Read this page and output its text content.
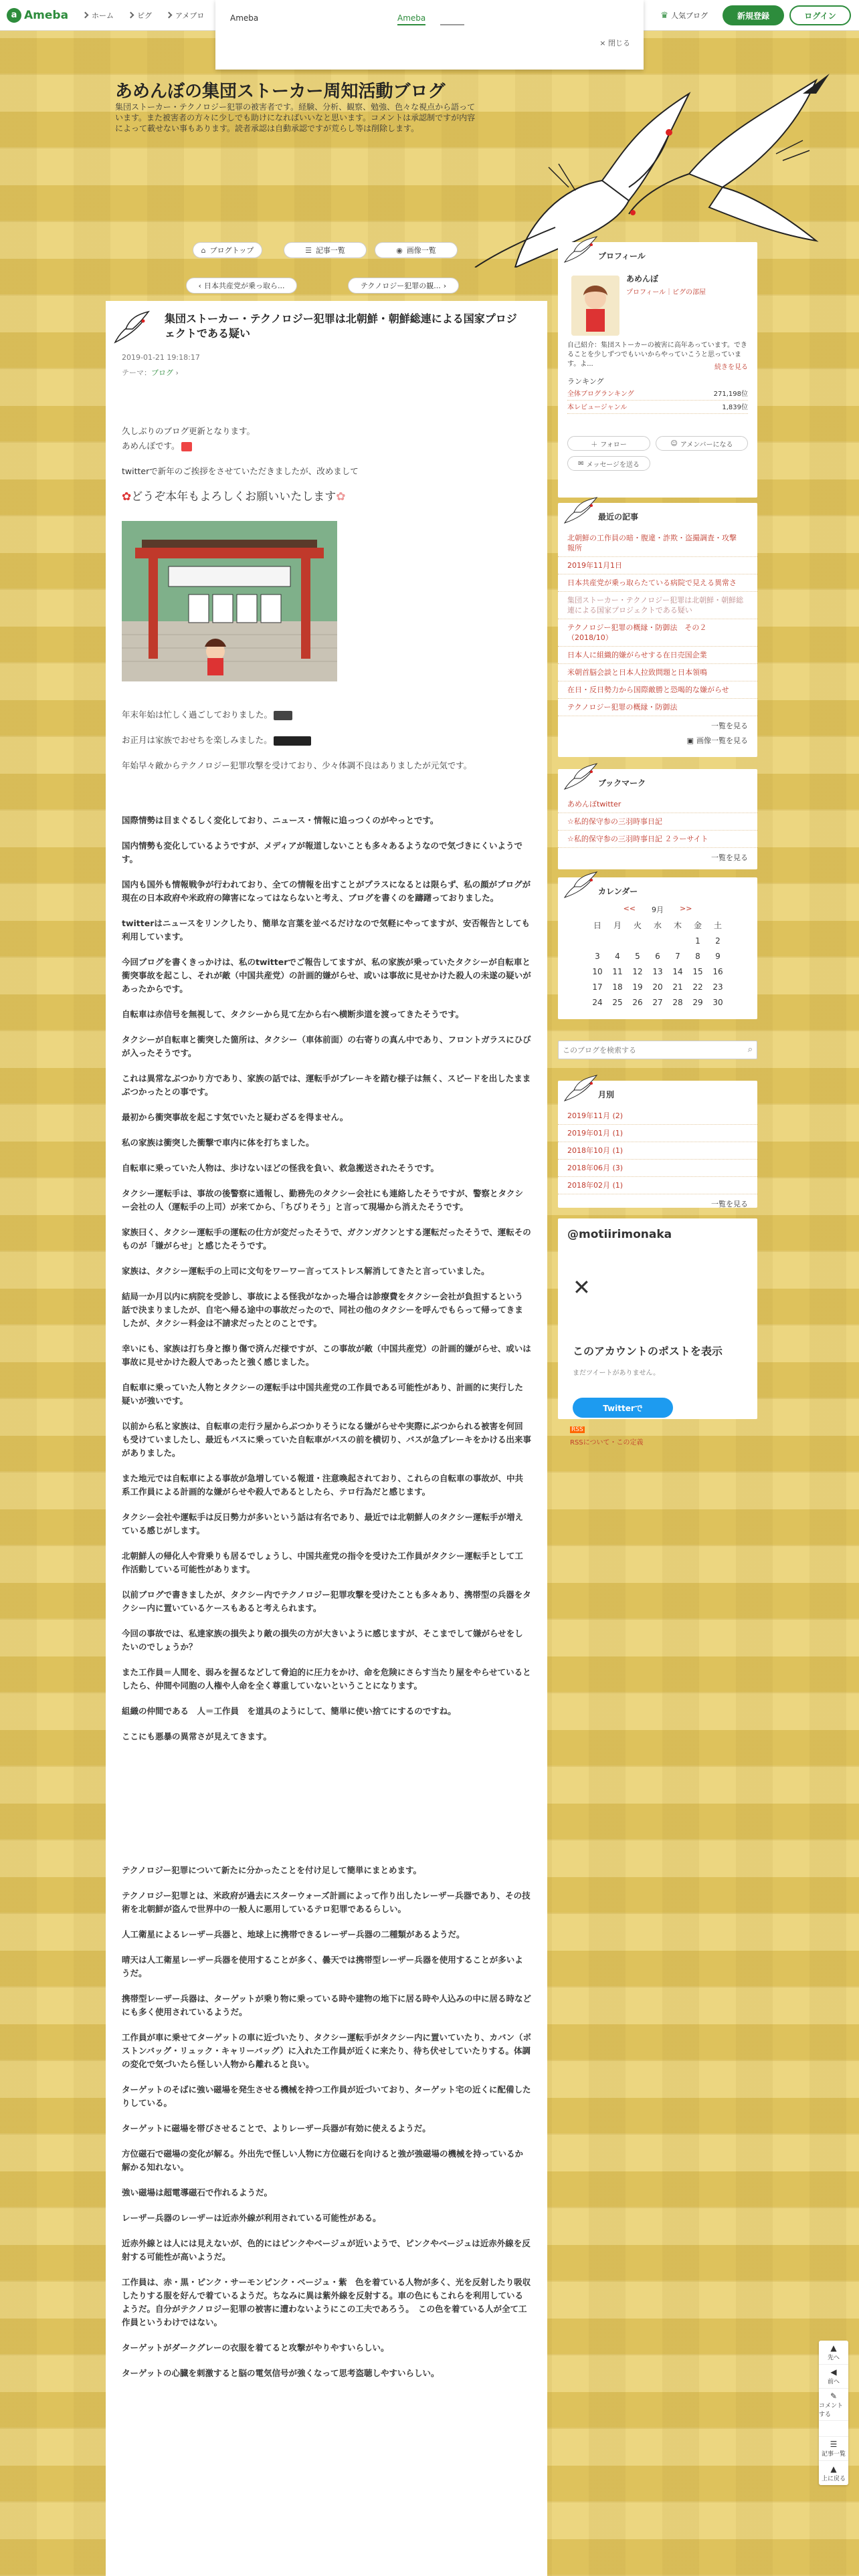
a Ameba	ホーム	ピグ	アメブロ	♛ 人気ブログ	新規登録	ログイン
Ameba	Ameba
× 閉じる
あめんぼの集団ストーカー周知活動ブログ
集団ストーカー・テクノロジー犯罪の被害者です。経験、分析、観察、勉強、色々な視点から語っています。また被害者の方々に少しでも助けになればいいなと思います。コメントは承認制ですが内容によって載せない事もあります。読者承認は自動承認ですが荒らし等は削除します。
⌂ ブログトップ	☰ 記事一覧	◉ 画像一覧
‹ 日本共産党が乗っ取ら...	テクノロジー犯罪の観... ›
集団ストーカー・テクノロジー犯罪は北朝鮮・朝鮮総連による国家プロジェクトである疑い
2019-01-21 19:18:17
テーマ：ブログ ›

久しぶりのブログ更新となります。

あめんぼです。

twitterで新年のご挨拶をさせていただきましたが、改めまして

✿どうぞ本年もよろしくお願いいたします✿

年末年始は忙しく過ごしておりました。

お正月は家族でおせちを楽しみました。

年始早々敵からテクノロジー犯罪攻撃を受けており、少々体調不良はありましたが元気です。

国際情勢は目まぐるしく変化しており、ニュース・情報に追っつくのがやっとです。

国内情勢も変化しているようですが、メディアが報道しないことも多々あるようなので気づきにくいようです。

国内も国外も情報戦争が行われており、全ての情報を出すことがプラスになるとは限らず、私の顔がブログが現在の日本政府や米政府の障害になってはならないと考え、ブログを書くのを躊躇っておりました。

twitterはニュースをリンクしたり、簡単な言葉を並べるだけなので気軽にやってますが、安否報告としても利用しています。

今回ブログを書くきっかけは、私のtwitterでご報告してますが、私の家族が乗っていたタクシーが自転車と衝突事故を起こし、それが敵（中国共産党）の計画的嫌がらせ、或いは事故に見せかけた殺人の未遂の疑いがあったからです。

自転車は赤信号を無視して、タクシーから見て左から右へ横断歩道を渡ってきたそうです。

タクシーが自転車と衝突した箇所は、タクシー（車体前面）の右寄りの真ん中であり、フロントガラスにひびが入ったそうです。

これは異常なぶつかり方であり、家族の話では、運転手がブレーキを踏む様子は無く、スピードを出したままぶつかったとの事です。

最初から衝突事故を起こす気でいたと疑わざるを得ません。

私の家族は衝突した衝撃で車内に体を打ちました。

自転車に乗っていた人物は、歩けないほどの怪我を負い、救急搬送されたそうです。

タクシー運転手は、事故の後警察に通報し、勤務先のタクシー会社にも連絡したそうですが、警察とタクシー会社の人（運転手の上司）が来てから、「ちびりそう」と言って現場から消えたそうです。

家族曰く、タクシー運転手の運転の仕方が変だったそうで、ガクンガクンとする運転だったそうで、運転そのものが「嫌がらせ」と感じたそうです。

家族は、タクシー運転手の上司に文句をワーワー言ってストレス解消してきたと言っていました。

結局一か月以内に病院を受診し、事故による怪我がなかった場合は診療費をタクシー会社が負担するという話で決まりましたが、自宅へ帰る途中の事故だったので、同社の他のタクシーを呼んでもらって帰ってきましたが、タクシー料金は不請求だったとのことです。

幸いにも、家族は打ち身と擦り傷で済んだ様ですが、この事故が敵（中国共産党）の計画的嫌がらせ、或いは事故に見せかけた殺人であったと強く感じました。

自転車に乗っていた人物とタクシーの運転手は中国共産党の工作員である可能性があり、計画的に実行した疑いが強いです。

以前から私と家族は、自転車の走行ラ屋からぶつかりそうになる嫌がらせや実際にぶつかられる被害を何回も受けていましたし、最近もバスに乗っていた自転車がバスの前を横切り、バスが急ブレーキをかける出来事がありました。

また地元では自転車による事故が急増している報道・注意喚起されており、これらの自転車の事故が、中共系工作員による計画的な嫌がらせや殺人であるとしたら、テロ行為だと感じます。

タクシー会社や運転手は反日勢力が多いという話は有名であり、最近では北朝鮮人のタクシー運転手が増えている感じがします。

北朝鮮人の帰化人や背乗りも居るでしょうし、中国共産党の指令を受けた工作員がタクシー運転手として工作活動している可能性があります。

以前ブログで書きましたが、タクシー内でテクノロジー犯罪攻撃を受けたことも多々あり、携帯型の兵器をタクシー内に置いているケースもあると考えられます。

今回の事故では、私達家族の損失より敵の損失の方が大きいように感じますが、そこまでして嫌がらせをしたいのでしょうか？

また工作員＝人間を、弱みを握るなどして脅迫的に圧力をかけ、命を危険にさらす当たり屋をやらせているとしたら、仲間や同胞の人権や人命を全く尊重していないということになります。

組織の仲間である　人＝工作員　を道具のようにして、簡単に使い捨てにするのですね。

ここにも悪暴の異常さが見えてきます。

テクノロジー犯罪について新たに分かったことを付け足して簡単にまとめます。

テクノロジー犯罪とは、米政府が過去にスターウォーズ計画によって作り出したレーザー兵器であり、その技術を北朝鮮が盗んで世界中の一般人に悪用しているテロ犯罪であるらしい。

人工衛星によるレーザー兵器と、地球上に携帯できるレーザー兵器の二種類があるようだ。

晴天は人工衛星レーザー兵器を使用することが多く、曇天では携帯型レーザー兵器を使用することが多いようだ。

携帯型レーザー兵器は、ターゲットが乗り物に乗っている時や建物の地下に居る時や人込みの中に居る時などにも多く使用されているようだ。

工作員が車に乗せてターゲットの車に近づいたり、タクシー運転手がタクシー内に置いていたり、カバン（ボストンバッグ・リュック・キャリーバッグ）に入れた工作員が近くに来たり、待ち伏せしていたりする。体調の変化で気づいたら怪しい人物から離れると良い。

ターゲットのそばに強い磁場を発生させる機械を持つ工作員が近づいており、ターゲット宅の近くに配備したりしている。

ターゲットに磁場を帯びさせることで、よりレーザー兵器が有効に使えるようだ。

方位磁石で磁場の変化が解る。外出先で怪しい人物に方位磁石を向けると強が強磁場の機械を持っているか解かる知れない。

強い磁場は超電導磁石で作れるようだ。

レーザー兵器のレーザーは近赤外線が利用されている可能性がある。

近赤外線とは人には見えないが、色的にはピンクやベージュが近いようで、ピンクやベージュは近赤外線を反射する可能性が高いようだ。

工作員は、赤・黒・ピンク・サーモンピンク・ベージュ・紫　色を着ている人物が多く、光を反射したり吸収したりする服を好んで着ているようだ。ちなみに異は紫外線を反射する。車の色にもこれらを利用しているようだ。自分がテクノロジー犯罪の被害に遭わないようにこの工夫であろう。　この色を着ている人が全て工作員というわけではない。

ターゲットがダークグレーの衣服を着てると攻撃がやりやすいらしい。

ターゲットの心臓を刺激すると脳の電気信号が強くなって思考盗聴しやすいらしい。

プロフィール
あめんぼ
プロフィール｜ピグの部屋
自己紹介：集団ストーカーの被害に高年あっています。できることを少しずつでもいいからやっていこうと思っています。よ...	続きを見る
ランキング
全体ブログランキング	271,198位
本レビュージャンル	1,839位
＋ フォロー	☺ アメンバーになる
✉ メッセージを送る
最近の記事
北朝鮮の工作員の暗・腹違・詐欺・盗撮調査・攻撃　報所
2019年11月1日
日本共産党が乗っ取らたている病院で見える異常さ
集団ストーカー・テクノロジー犯罪は北朝鮮・朝鮮総連による国家プロジェクトである疑い
テクノロジー犯罪の概縁・防御法　その２（2018/10）
日本人に組織的嫌がらせする在日売国企業
米朝首脳会談と日本人拉致問題と日本領鳴
在日・反日勢力から国際敵勝と恐喝的な嫌がらせ
テクノロジー犯罪の概縁・防御法
一覧を見る
▣ 画像一覧を見る
ブックマーク
あめんぼtwitter
☆私的保守参の三羽時事日記
☆私的保守参の三羽時事日記 ２ラーサイト
一覧を見る
カレンダー
<< 9月 >>
日	月	火	水	木	金	土
					1	2
3	4	5	6	7	8	9
10	11	12	13	14	15	16
17	18	19	20	21	22	23
24	25	26	27	28	29	30
このブログを検索する
⌕
月別
2019年11月 (2)
2019年01月 (1)
2018年10月 (1)
2018年06月 (3)
2018年02月 (1)
一覧を見る
@motiirimonaka
✕
このアカウントのポストを表示
まだツイートがありません。
Twitterで
RSS
RSSについて・この定義
▲
先へ
◀
前へ
✎
コメントする
☰
記事一覧
▲
上に戻る
